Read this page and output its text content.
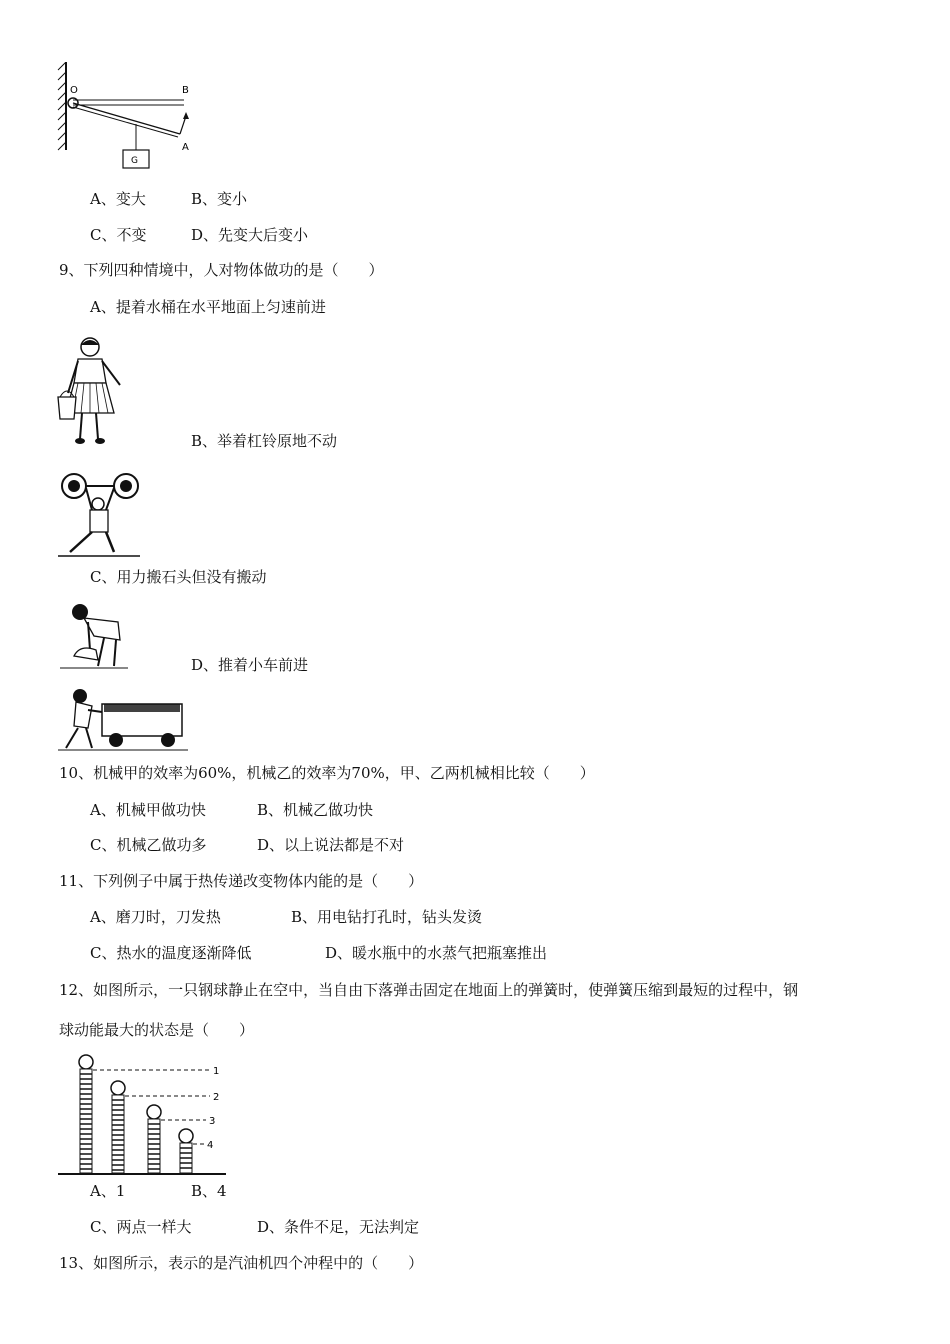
O	B
A
G
A、变大	B、变小
C、不变	D、先变大后变小
9、下列四种情境中，人对物体做功的是（　　）
A、提着水桶在水平地面上匀速前进
B、举着杠铃原地不动
C、用力搬石头但没有搬动
D、推着小车前进
10、机械甲的效率为60%，机械乙的效率为70%，甲、乙两机械相比较（　　）
A、机械甲做功快	B、机械乙做功快
C、机械乙做功多	D、以上说法都是不对
11、下列例子中属于热传递改变物体内能的是（　　）
A、磨刀时，刀发热	B、用电钻打孔时，钻头发烫
C、热水的温度逐渐降低	D、暖水瓶中的水蒸气把瓶塞推出
12、如图所示，一只钢球静止在空中，当自由下落弹击固定在地面上的弹簧时，使弹簧压缩到最短的过程中，钢
球动能最大的状态是（　　）
1
2
3
4
A、1	B、4
C、两点一样大	D、条件不足，无法判定
13、如图所示，表示的是汽油机四个冲程中的（　　）
